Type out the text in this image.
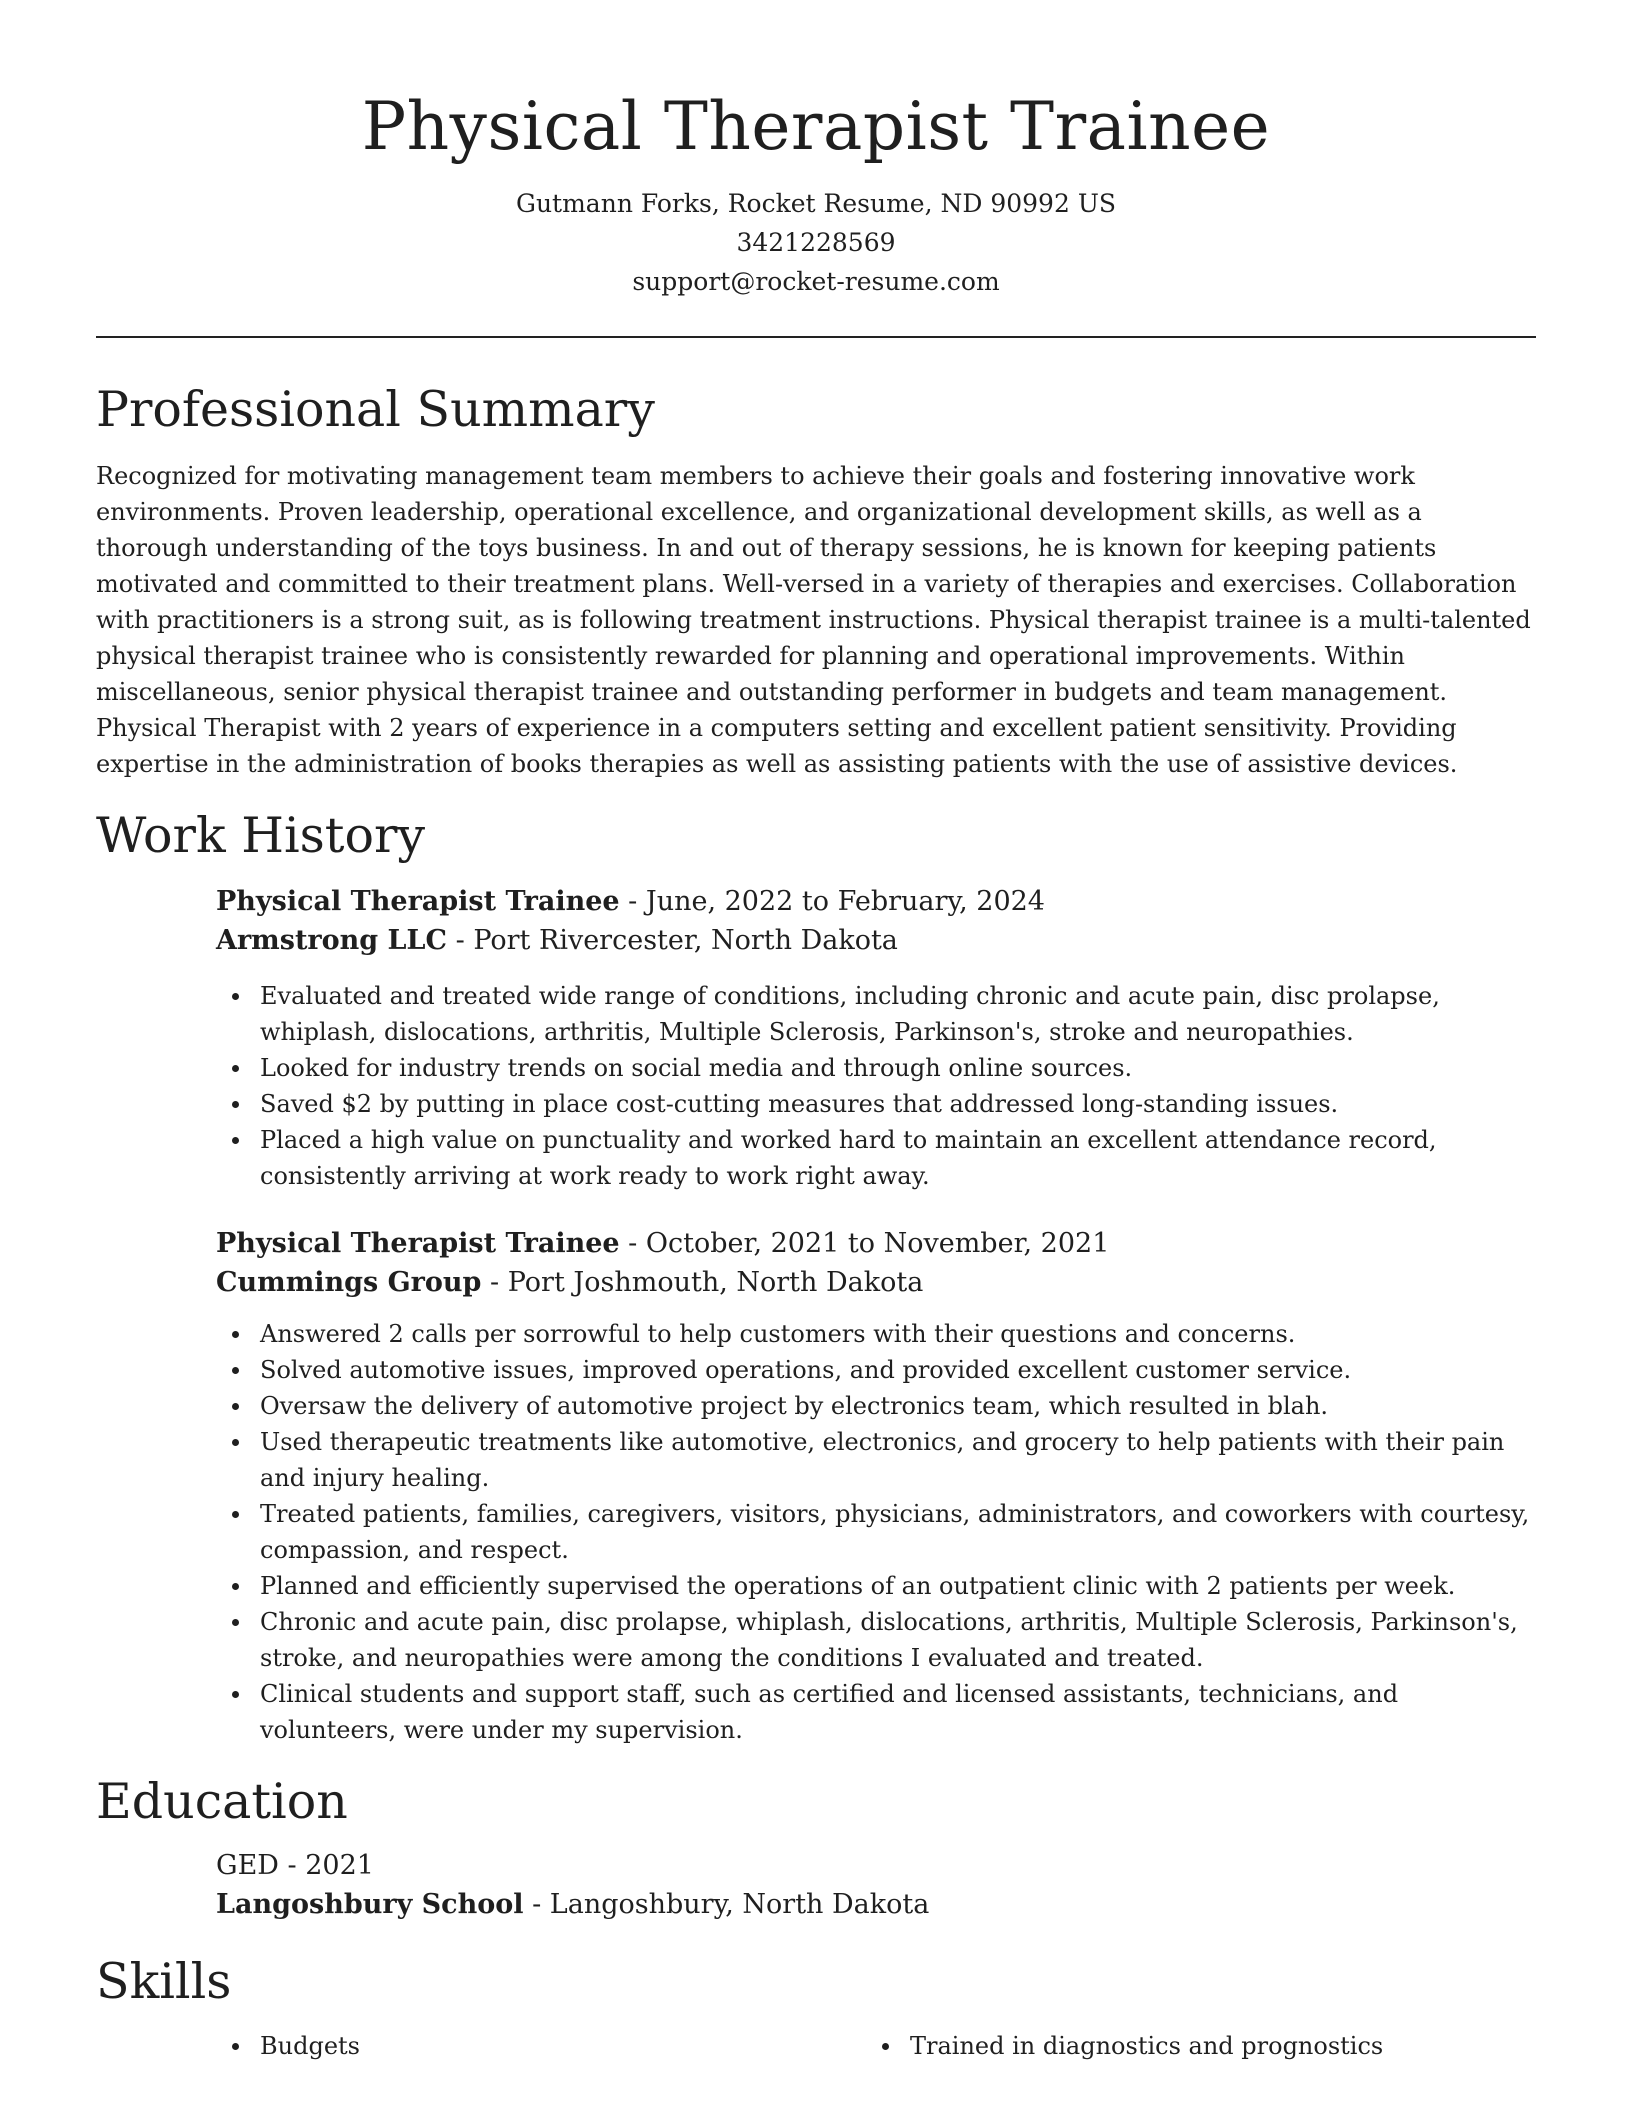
Physical Therapist Trainee

Gutmann Forks, Rocket Resume, ND 90992 US

3421228569

support@rocket-resume.com

Professional Summary

Recognized for motivating management team members to achieve their goals and fostering innovative work environments. Proven leadership, operational excellence, and organizational development skills, as well as a thorough understanding of the toys business. In and out of therapy sessions, he is known for keeping patients motivated and committed to their treatment plans. Well-versed in a variety of therapies and exercises. Collaboration with practitioners is a strong suit, as is following treatment instructions. Physical therapist trainee is a multi-talented physical therapist trainee who is consistently rewarded for planning and operational improvements. Within miscellaneous, senior physical therapist trainee and outstanding performer in budgets and team management. Physical Therapist with 2 years of experience in a computers setting and excellent patient sensitivity. Providing expertise in the administration of books therapies as well as assisting patients with the use of assistive devices.

Work History

Physical Therapist Trainee - June, 2022 to February, 2024

Armstrong LLC - Port Rivercester, North Dakota

Evaluated and treated wide range of conditions, including chronic and acute pain, disc prolapse, whiplash, dislocations, arthritis, Multiple Sclerosis, Parkinson's, stroke and neuropathies.
Looked for industry trends on social media and through online sources.
Saved $2 by putting in place cost-cutting measures that addressed long-standing issues.
Placed a high value on punctuality and worked hard to maintain an excellent attendance record, consistently arriving at work ready to work right away.

Physical Therapist Trainee - October, 2021 to November, 2021

Cummings Group - Port Joshmouth, North Dakota

Answered 2 calls per sorrowful to help customers with their questions and concerns.
Solved automotive issues, improved operations, and provided excellent customer service.
Oversaw the delivery of automotive project by electronics team, which resulted in blah.
Used therapeutic treatments like automotive, electronics, and grocery to help patients with their pain and injury healing.
Treated patients, families, caregivers, visitors, physicians, administrators, and coworkers with courtesy, compassion, and respect.
Planned and efficiently supervised the operations of an outpatient clinic with 2 patients per week.
Chronic and acute pain, disc prolapse, whiplash, dislocations, arthritis, Multiple Sclerosis, Parkinson's, stroke, and neuropathies were among the conditions I evaluated and treated.
Clinical students and support staff, such as certified and licensed assistants, technicians, and volunteers, were under my supervision.
Education

GED - 2021

Langoshbury School - Langoshbury, North Dakota

Skills
Budgets	Trained in diagnostics and prognostics
